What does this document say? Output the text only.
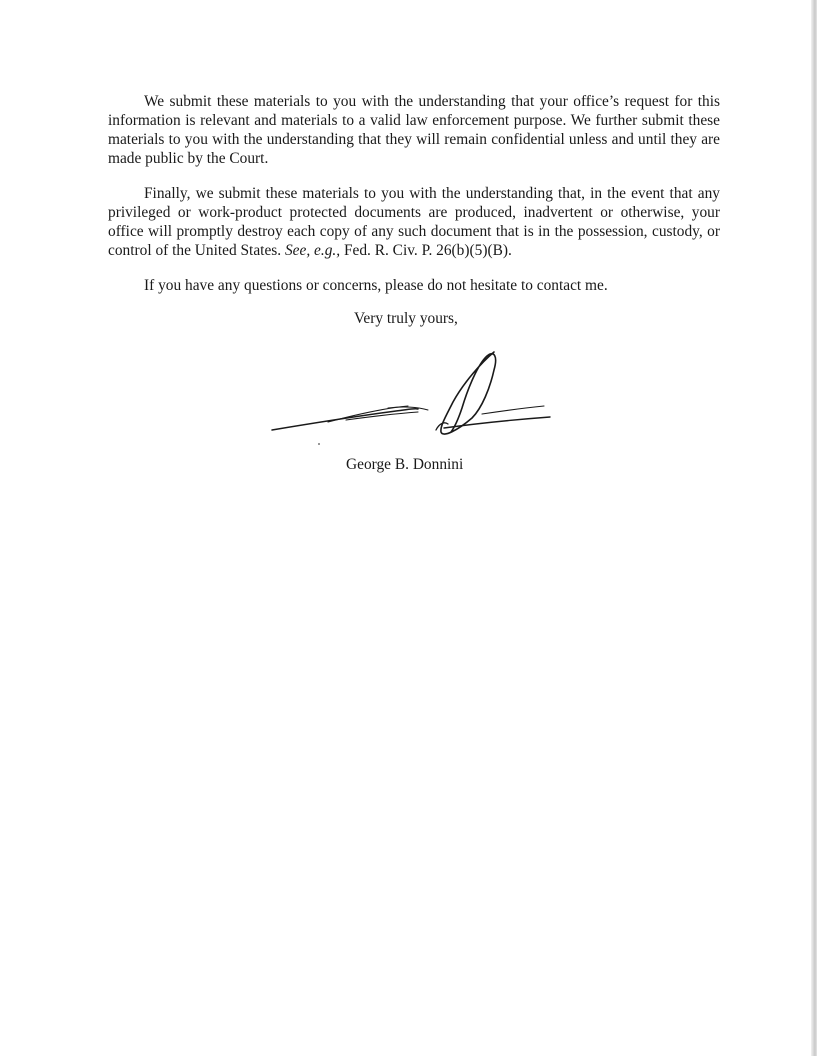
We submit these materials to you with the understanding that your office’s request for this information is relevant and materials to a valid law enforcement purpose. We further submit these materials to you with the understanding that they will remain confidential unless and until they are made public by the Court.

Finally, we submit these materials to you with the understanding that, in the event that any privileged or work-product protected documents are produced, inadvertent or otherwise, your office will promptly destroy each copy of any such document that is in the possession, custody, or control of the United States. See, e.g., Fed. R. Civ. P. 26(b)(5)(B).

If you have any questions or concerns, please do not hesitate to contact me.

Very truly yours,
George B. Donnini
